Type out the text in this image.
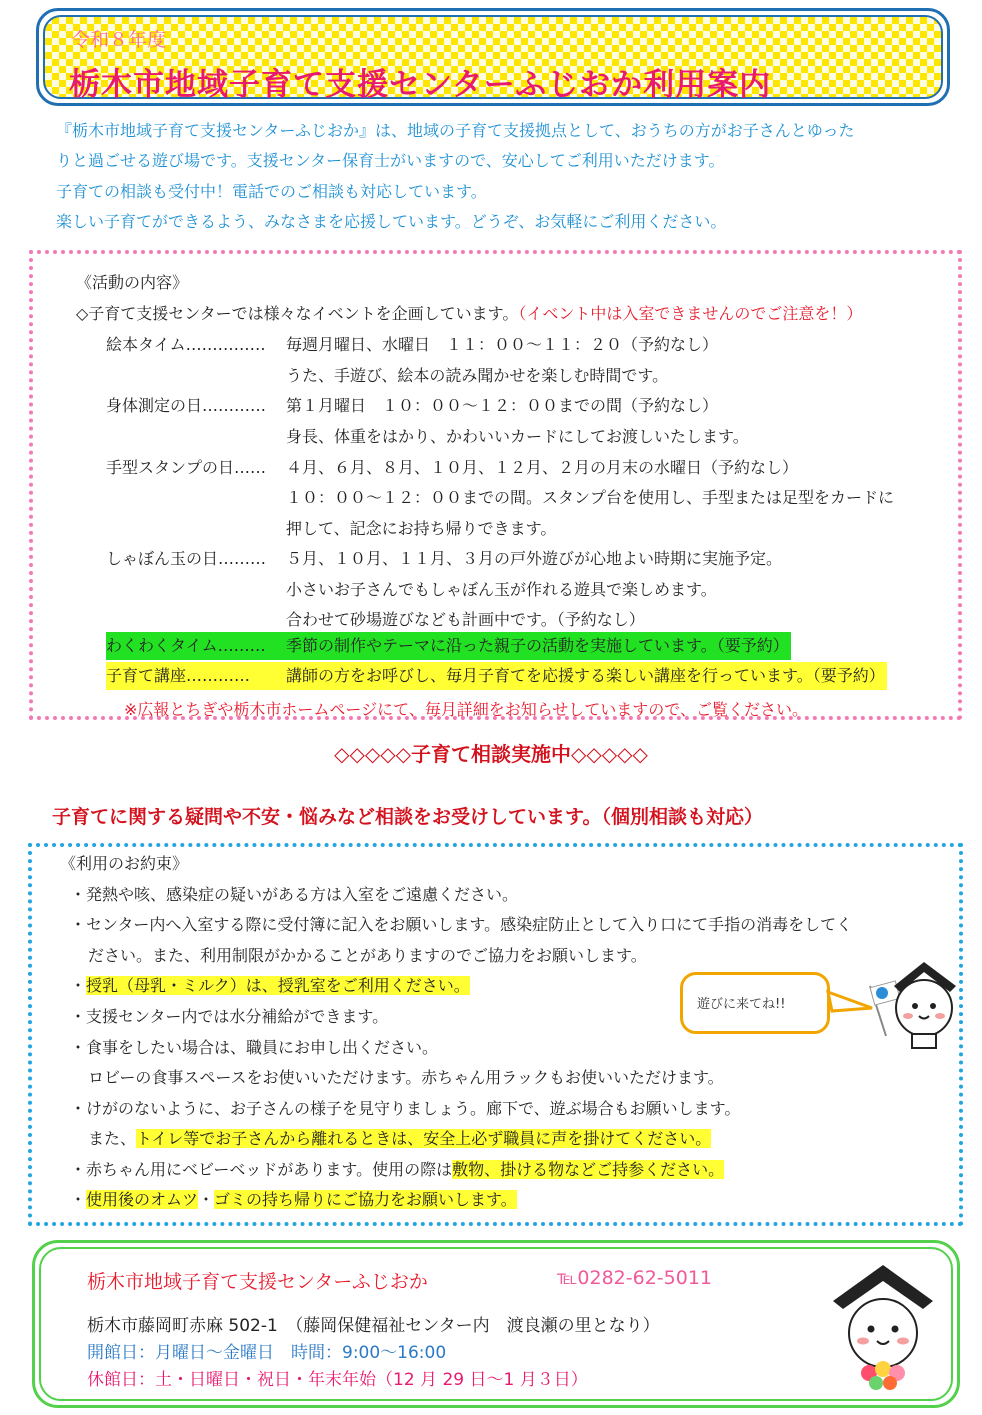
令和８年度
栃木市地域子育て支援センターふじおか利用案内
『栃木市地域子育て支援センターふじおか』は、地域の子育て支援拠点として、おうちの方がお子さんとゆった
りと過ごせる遊び場です。支援センター保育士がいますので、安心してご利用いただけます。
子育ての相談も受付中！電話でのご相談も対応しています。
楽しい子育てができるよう、みなさまを応援しています。どうぞ、お気軽にご利用ください。
《活動の内容》
◇子育て支援センターでは様々なイベントを企画しています。（イベント中は入室できませんのでご注意を！）
絵本タイム…………… 毎週月曜日、水曜日　１１：００〜１１：２０（予約なし）
うた、手遊び、絵本の読み聞かせを楽しむ時間です。
身体測定の日………… 第１月曜日　１０：００〜１２：００までの間（予約なし）
身長、体重をはかり、かわいいカードにしてお渡しいたします。
手型スタンプの日…… ４月、６月、８月、１０月、１２月、２月の月末の水曜日（予約なし）
１０：００〜１２：００までの間。スタンプ台を使用し、手型または足型をカードに
押して、記念にお持ち帰りできます。
しゃぼん玉の日……… ５月、１０月、１１月、３月の戸外遊びが心地よい時期に実施予定。
小さいお子さんでもしゃぼん玉が作れる遊具で楽しめます。
合わせて砂場遊びなども計画中です。（予約なし）
わくわくタイム……… 季節の制作やテーマに沿った親子の活動を実施しています。（要予約）
子育て講座………… 講師の方をお呼びし、毎月子育てを応援する楽しい講座を行っています。（要予約）
※広報とちぎや栃木市ホームページにて、毎月詳細をお知らせしていますので、ご覧ください。
◇◇◇◇◇子育て相談実施中◇◇◇◇◇
子育てに関する疑問や不安・悩みなど相談をお受けしています。（個別相談も対応）
《利用のお約束》
・発熱や咳、感染症の疑いがある方は入室をご遠慮ください。
・センター内へ入室する際に受付簿に記入をお願いします。感染症防止として入り口にて手指の消毒をしてく
ださい。また、利用制限がかかることがありますのでご協力をお願いします。
・授乳（母乳・ミルク）は、授乳室をご利用ください。
・支援センター内では水分補給ができます。
・食事をしたい場合は、職員にお申し出ください。
ロビーの食事スペースをお使いいただけます。赤ちゃん用ラックもお使いいただけます。
・けがのないように、お子さんの様子を見守りましょう。廊下で、遊ぶ場合もお願いします。
また、トイレ等でお子さんから離れるときは、安全上必ず職員に声を掛けてください。
・赤ちゃん用にベビーベッドがあります。使用の際は敷物、掛ける物などご持参ください。
・使用後のオムツ・ゴミの持ち帰りにご協力をお願いします。
遊びに来てね!!
栃木市地域子育て支援センターふじおか	℡0282-62-5011
栃木市藤岡町赤麻 502-1　（藤岡保健福祉センター内　渡良瀬の里となり）
開館日：月曜日〜金曜日　時間：9:00〜16:00
休館日：土・日曜日・祝日・年末年始（12 月 29 日〜1 月３日）
